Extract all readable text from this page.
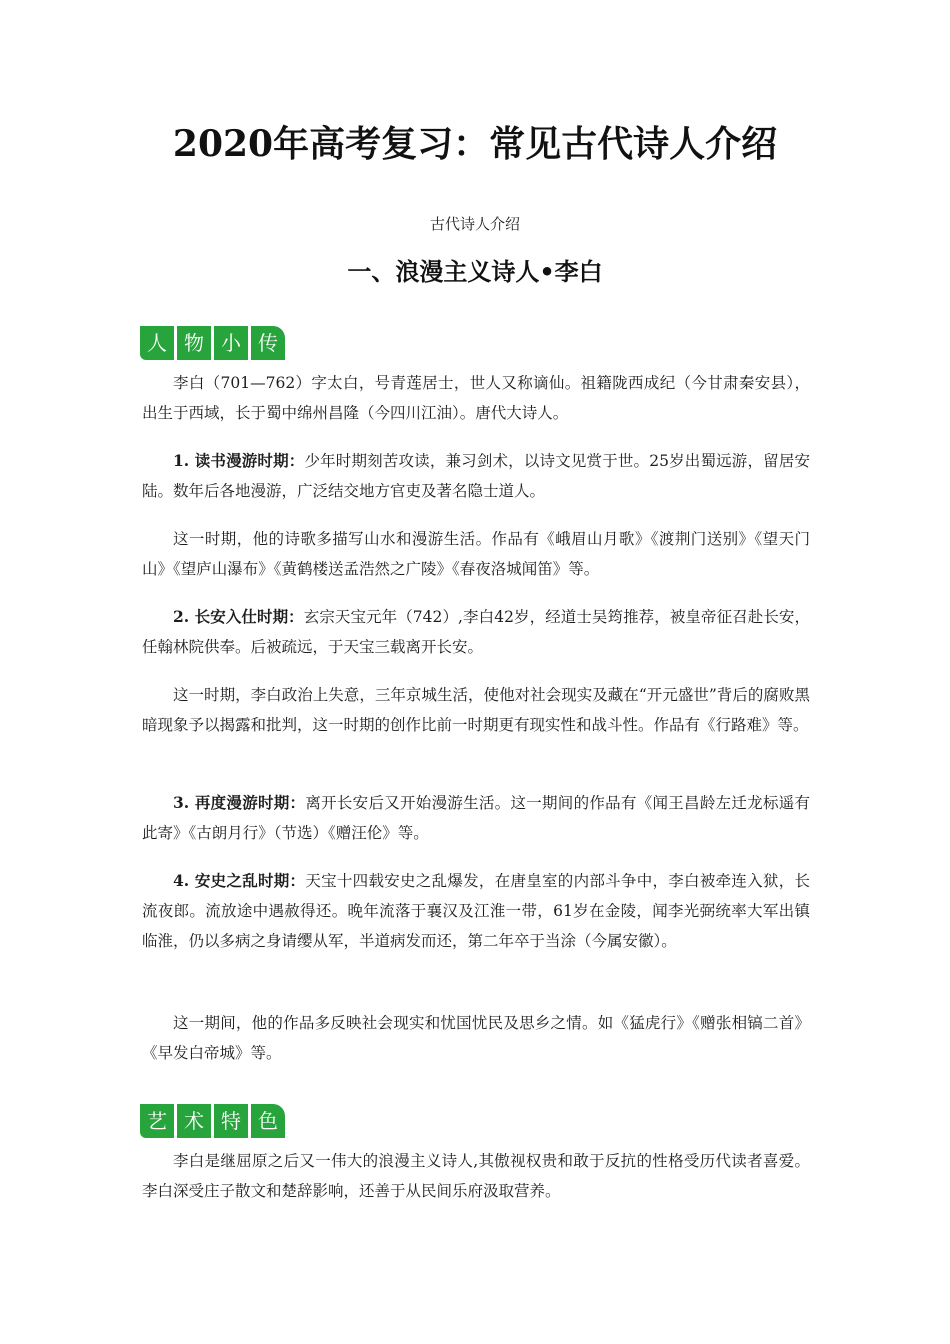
2020年高考复习：常见古代诗人介绍
古代诗人介绍
一、浪漫主义诗人•李白
人 物 小 传

李白（701—762）字太白，号青莲居士，世人又称谪仙。祖籍陇西成纪（今甘肃秦安县），出生于西域，长于蜀中绵州昌隆（今四川江油）。唐代大诗人。

1. 读书漫游时期：少年时期刻苦攻读，兼习剑术，以诗文见赏于世。25岁出蜀远游，留居安陆。数年后各地漫游，广泛结交地方官吏及著名隐士道人。

这一时期，他的诗歌多描写山水和漫游生活。作品有《峨眉山月歌》《渡荆门送别》《望天门山》《望庐山瀑布》《黄鹤楼送孟浩然之广陵》《春夜洛城闻笛》等。

2. 长安入仕时期：玄宗天宝元年（742）,李白42岁，经道士吴筠推荐，被皇帝征召赴长安，任翰林院供奉。后被疏远，于天宝三载离开长安。

这一时期，李白政治上失意，三年京城生活，使他对社会现实及藏在“开元盛世”背后的腐败黑暗现象予以揭露和批判，这一时期的创作比前一时期更有现实性和战斗性。作品有《行路难》等。

3. 再度漫游时期：离开长安后又开始漫游生活。这一期间的作品有《闻王昌龄左迁龙标遥有此寄》《古朗月行》（节选）《赠汪伦》等。

4. 安史之乱时期：天宝十四载安史之乱爆发，在唐皇室的内部斗争中，李白被牵连入狱，长流夜郎。流放途中遇赦得还。晚年流落于襄汉及江淮一带，61岁在金陵，闻李光弼统率大军出镇临淮，仍以多病之身请缨从军，半道病发而还，第二年卒于当涂（今属安徽）。

这一期间，他的作品多反映社会现实和忧国忧民及思乡之情。如《猛虎行》《赠张相镐二首》《早发白帝城》等。

艺 术 特 色

李白是继屈原之后又一伟大的浪漫主义诗人,其傲视权贵和敢于反抗的性格受历代读者喜爱。李白深受庄子散文和楚辞影响，还善于从民间乐府汲取营养。
